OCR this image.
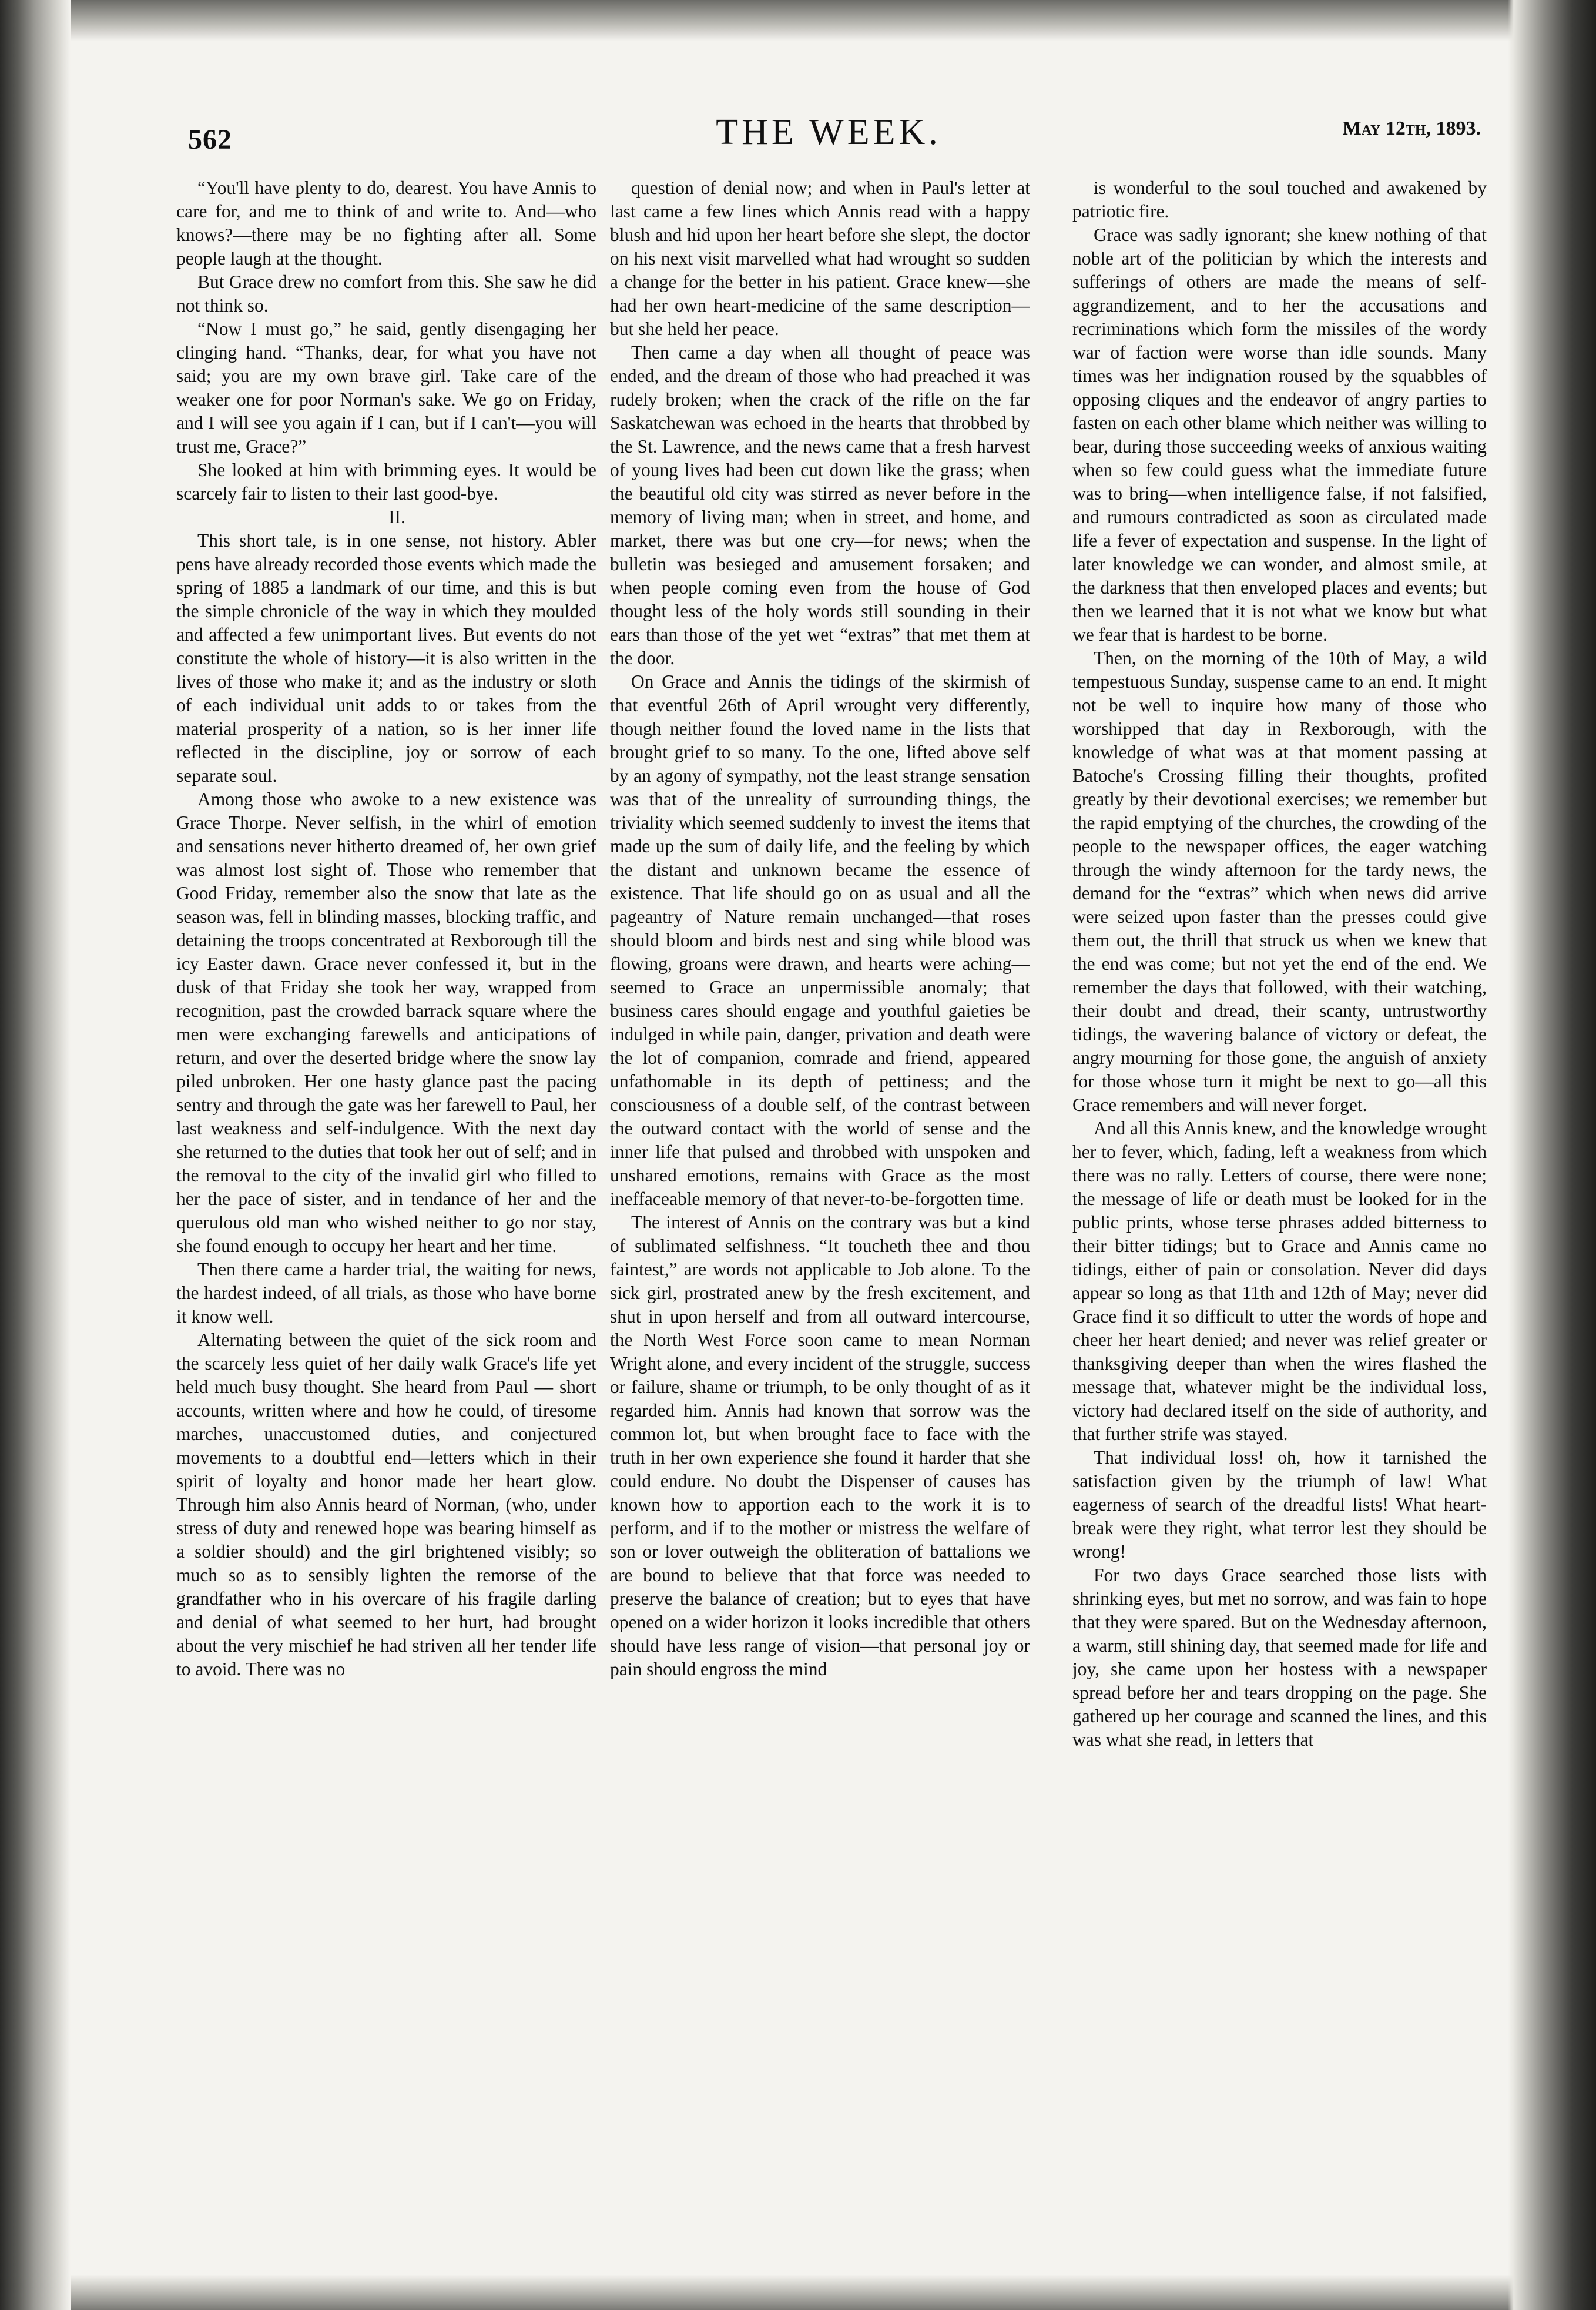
562	THE WEEK.	May 12th, 1893.

“You'll have plenty to do, dearest. You have Annis to care for, and me to think of and write to. And—who knows?—there may be no fighting after all. Some people laugh at the thought.

But Grace drew no comfort from this. She saw he did not think so.

“Now I must go,” he said, gently disengaging her clinging hand. “Thanks, dear, for what you have not said; you are my own brave girl. Take care of the weaker one for poor Norman's sake. We go on Friday, and I will see you again if I can, but if I can't—you will trust me, Grace?”

She looked at him with brimming eyes. It would be scarcely fair to listen to their last good-bye.

II.

This short tale, is in one sense, not history. Abler pens have already recorded those events which made the spring of 1885 a landmark of our time, and this is but the simple chronicle of the way in which they moulded and affected a few unimportant lives. But events do not constitute the whole of history—it is also written in the lives of those who make it; and as the industry or sloth of each individual unit adds to or takes from the material prosperity of a nation, so is her inner life reflected in the discipline, joy or sorrow of each separate soul.

Among those who awoke to a new existence was Grace Thorpe. Never selfish, in the whirl of emotion and sensations never hitherto dreamed of, her own grief was almost lost sight of. Those who remember that Good Friday, remember also the snow that late as the season was, fell in blinding masses, blocking traffic, and detaining the troops concentrated at Rexborough till the icy Easter dawn. Grace never confessed it, but in the dusk of that Friday she took her way, wrapped from recognition, past the crowded barrack square where the men were exchanging farewells and anticipations of return, and over the deserted bridge where the snow lay piled unbroken. Her one hasty glance past the pacing sentry and through the gate was her farewell to Paul, her last weakness and self-indulgence. With the next day she returned to the duties that took her out of self; and in the removal to the city of the invalid girl who filled to her the pace of sister, and in tendance of her and the querulous old man who wished neither to go nor stay, she found enough to occupy her heart and her time.

Then there came a harder trial, the waiting for news, the hardest indeed, of all trials, as those who have borne it know well.

Alternating between the quiet of the sick room and the scarcely less quiet of her daily walk Grace's life yet held much busy thought. She heard from Paul — short accounts, written where and how he could, of tiresome marches, unaccustomed duties, and conjectured movements to a doubtful end—letters which in their spirit of loyalty and honor made her heart glow. Through him also Annis heard of Norman, (who, under stress of duty and renewed hope was bearing himself as a soldier should) and the girl brightened visibly; so much so as to sensibly lighten the remorse of the grandfather who in his overcare of his fragile darling and denial of what seemed to her hurt, had brought about the very mischief he had striven all her tender life to avoid. There was no

question of denial now; and when in Paul's letter at last came a few lines which Annis read with a happy blush and hid upon her heart before she slept, the doctor on his next visit marvelled what had wrought so sudden a change for the better in his patient. Grace knew—she had her own heart-medicine of the same description—but she held her peace.

Then came a day when all thought of peace was ended, and the dream of those who had preached it was rudely broken; when the crack of the rifle on the far Saskatchewan was echoed in the hearts that throbbed by the St. Lawrence, and the news came that a fresh harvest of young lives had been cut down like the grass; when the beautiful old city was stirred as never before in the memory of living man; when in street, and home, and market, there was but one cry—for news; when the bulletin was besieged and amusement forsaken; and when people coming even from the house of God thought less of the holy words still sounding in their ears than those of the yet wet “extras” that met them at the door.

On Grace and Annis the tidings of the skirmish of that eventful 26th of April wrought very differently, though neither found the loved name in the lists that brought grief to so many. To the one, lifted above self by an agony of sympathy, not the least strange sensation was that of the unreality of surrounding things, the triviality which seemed suddenly to invest the items that made up the sum of daily life, and the feeling by which the distant and unknown became the essence of existence. That life should go on as usual and all the pageantry of Nature remain unchanged—that roses should bloom and birds nest and sing while blood was flowing, groans were drawn, and hearts were aching—seemed to Grace an unpermissible anomaly; that business cares should engage and youthful gaieties be indulged in while pain, danger, privation and death were the lot of companion, comrade and friend, appeared unfathomable in its depth of pettiness; and the consciousness of a double self, of the contrast between the outward contact with the world of sense and the inner life that pulsed and throbbed with unspoken and unshared emotions, remains with Grace as the most ineffaceable memory of that never-to-be-forgotten time.

The interest of Annis on the contrary was but a kind of sublimated selfishness. “It toucheth thee and thou faintest,” are words not applicable to Job alone. To the sick girl, prostrated anew by the fresh excitement, and shut in upon herself and from all outward intercourse, the North West Force soon came to mean Norman Wright alone, and every incident of the struggle, success or failure, shame or triumph, to be only thought of as it regarded him. Annis had known that sorrow was the common lot, but when brought face to face with the truth in her own experience she found it harder that she could endure. No doubt the Dispenser of causes has known how to apportion each to the work it is to perform, and if to the mother or mistress the welfare of son or lover outweigh the obliteration of battalions we are bound to believe that that force was needed to preserve the balance of creation; but to eyes that have opened on a wider horizon it looks incredible that others should have less range of vision—that personal joy or pain should engross the mind

is wonderful to the soul touched and awakened by patriotic fire.

Grace was sadly ignorant; she knew nothing of that noble art of the politician by which the interests and sufferings of others are made the means of self-aggrandizement, and to her the accusations and recriminations which form the missiles of the wordy war of faction were worse than idle sounds. Many times was her indignation roused by the squabbles of opposing cliques and the endeavor of angry parties to fasten on each other blame which neither was willing to bear, during those succeeding weeks of anxious waiting when so few could guess what the immediate future was to bring—when intelligence false, if not falsified, and rumours contradicted as soon as circulated made life a fever of expectation and suspense. In the light of later knowledge we can wonder, and almost smile, at the darkness that then enveloped places and events; but then we learned that it is not what we know but what we fear that is hardest to be borne.

Then, on the morning of the 10th of May, a wild tempestuous Sunday, suspense came to an end. It might not be well to inquire how many of those who worshipped that day in Rexborough, with the knowledge of what was at that moment passing at Batoche's Crossing filling their thoughts, profited greatly by their devotional exercises; we remember but the rapid emptying of the churches, the crowding of the people to the newspaper offices, the eager watching through the windy afternoon for the tardy news, the demand for the “extras” which when news did arrive were seized upon faster than the presses could give them out, the thrill that struck us when we knew that the end was come; but not yet the end of the end. We remember the days that followed, with their watching, their doubt and dread, their scanty, untrustworthy tidings, the wavering balance of victory or defeat, the angry mourning for those gone, the anguish of anxiety for those whose turn it might be next to go—all this Grace remembers and will never forget.

And all this Annis knew, and the knowledge wrought her to fever, which, fading, left a weakness from which there was no rally. Letters of course, there were none; the message of life or death must be looked for in the public prints, whose terse phrases added bitterness to their bitter tidings; but to Grace and Annis came no tidings, either of pain or consolation. Never did days appear so long as that 11th and 12th of May; never did Grace find it so difficult to utter the words of hope and cheer her heart denied; and never was relief greater or thanksgiving deeper than when the wires flashed the message that, whatever might be the individual loss, victory had declared itself on the side of authority, and that further strife was stayed.

That individual loss! oh, how it tarnished the satisfaction given by the triumph of law! What eagerness of search of the dreadful lists! What heart-break were they right, what terror lest they should be wrong!

For two days Grace searched those lists with shrinking eyes, but met no sorrow, and was fain to hope that they were spared. But on the Wednesday afternoon, a warm, still shining day, that seemed made for life and joy, she came upon her hostess with a newspaper spread before her and tears dropping on the page. She gathered up her courage and scanned the lines, and this was what she read, in letters that
